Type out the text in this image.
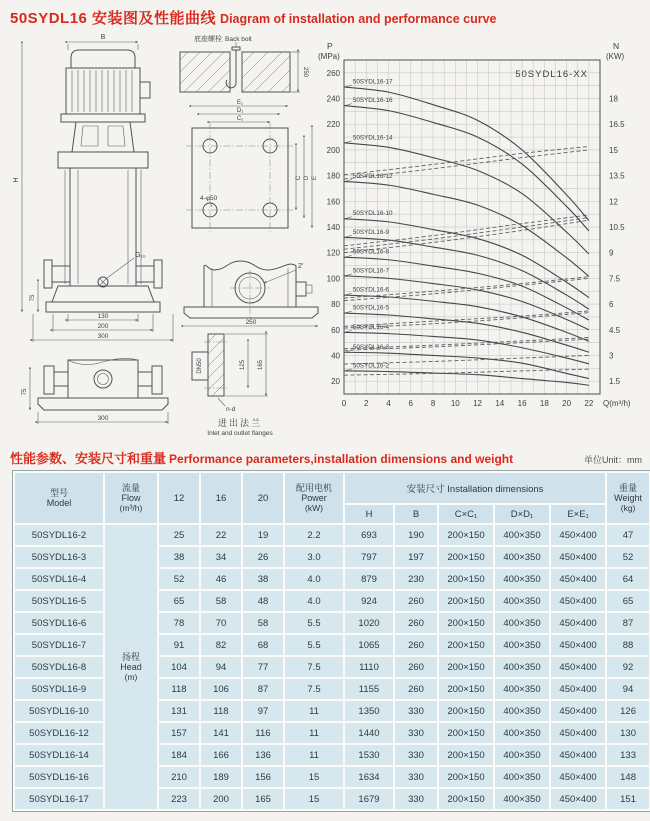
50SYDL16 安装图及性能曲线 Diagram of installation and performance curve
B
H
G₁₀
75
130
200
300
75
300
底座螺栓 Back bolt
250
E₁
D₁
C₁
C D E
4-φ50
2′
250
DN50	125 165
n-d
进出法兰
Inlet and outlet flanges
0 2 4 6 8 10 12 14 16 18 20 22 Q(m³/h)
20
40
60
80
100
120
140
160
180
200
220
240
260
1.5
3
4.5
6
7.5
9
10.5
12
13.5
15
16.5
18
P
(MPa)
N
(KW)
50SYDL16-XX
50SYDL16-2
50SYDL16-3
50SYDL16-4
50SYDL16-5
50SYDL16-6
50SYDL16-7
50SYDL16-8
50SYDL16-9
50SYDL16-10
50SYDL16-12
50SYDL16-14
50SYDL16-16
50SYDL16-17
性能参数、安装尺寸和重量 Performance parameters,installation dimensions and weight	单位Unit：mm
型号
Model

流量
Flow
(m³/h)
	12	16	20	
配用电机
Power
(kW)
	安装尺寸 Installation dimensions	重量
Weight
(kg)

						H	B	C×C₁	D×D₁	E×E₁	
50SYDL16-2	扬程
Head
(m)	25	22	19	2.2	693	190	200×150	400×350	450×400	47
50SYDL16-3		38	34	26	3.0	797	197	200×150	400×350	450×400	52
50SYDL16-4		52	46	38	4.0	879	230	200×150	400×350	450×400	64
50SYDL16-5		65	58	48	4.0	924	260	200×150	400×350	450×400	65
50SYDL16-6		78	70	58	5.5	1020	260	200×150	400×350	450×400	87
50SYDL16-7		91	82	68	5.5	1065	260	200×150	400×350	450×400	88
50SYDL16-8		104	94	77	7.5	1110	260	200×150	400×350	450×400	92
50SYDL16-9		118	106	87	7.5	1155	260	200×150	400×350	450×400	94
50SYDL16-10		131	118	97	11	1350	330	200×150	400×350	450×400	126
50SYDL16-12		157	141	116	11	1440	330	200×150	400×350	450×400	130
50SYDL16-14		184	166	136	11	1530	330	200×150	400×350	450×400	133
50SYDL16-16		210	189	156	15	1634	330	200×150	400×350	450×400	148
50SYDL16-17		223	200	165	15	1679	330	200×150	400×350	450×400	151
